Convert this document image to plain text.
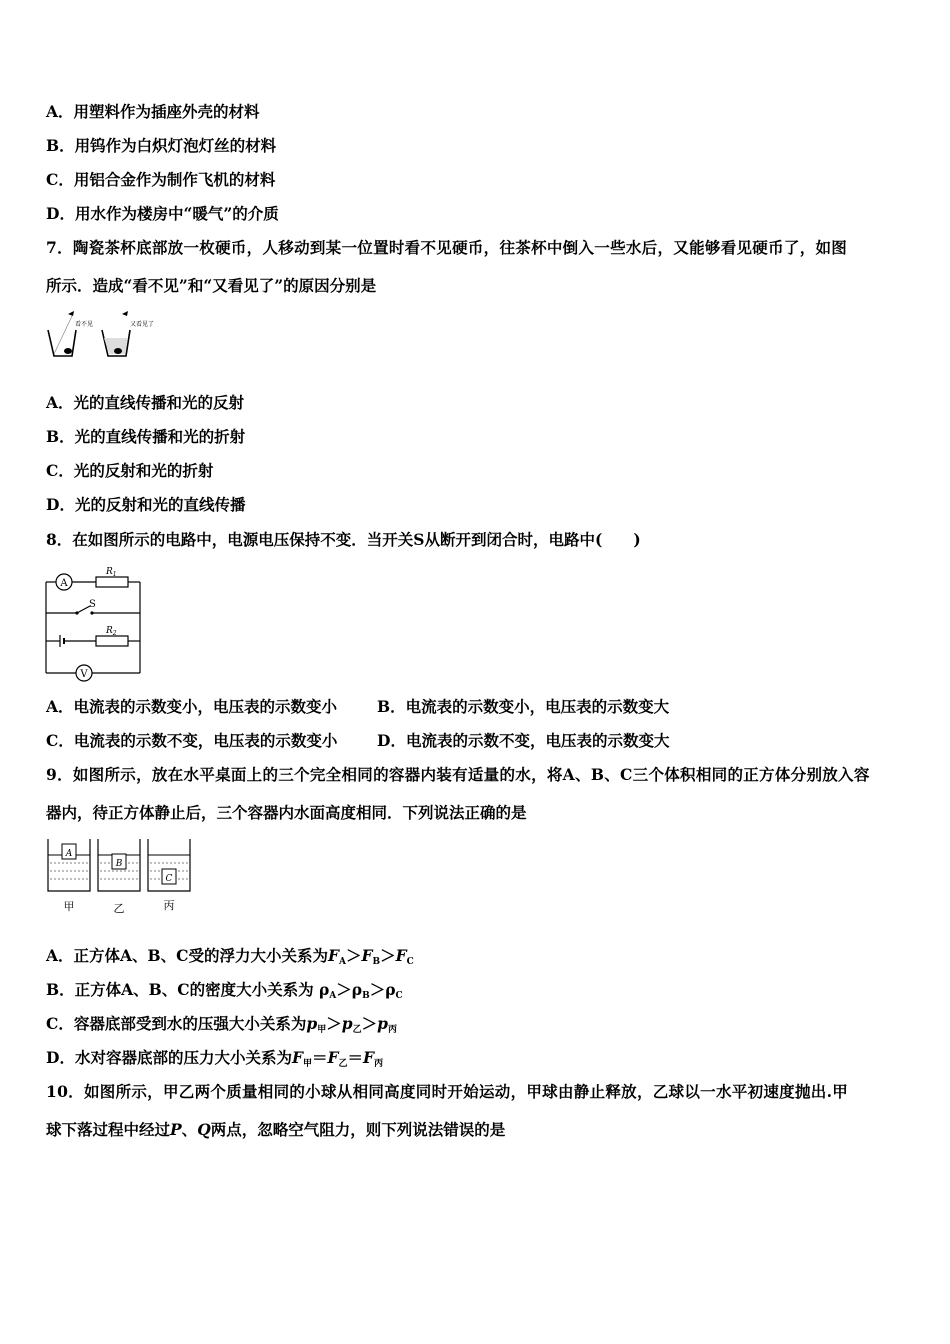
A．用塑料作为插座外壳的材料
B．用钨作为白炽灯泡灯丝的材料
C．用铝合金作为制作飞机的材料
D．用水作为楼房中“暖气”的介质
7．陶瓷茶杯底部放一枚硬币，人移动到某一位置时看不见硬币，往茶杯中倒入一些水后，又能够看见硬币了，如图
所示．造成“看不见”和“又看见了”的原因分别是
看不见	又看见了
A．光的直线传播和光的反射
B．光的直线传播和光的折射
C．光的反射和光的折射
D．光的反射和光的直线传播
8．在如图所示的电路中，电源电压保持不变．当开关S从断开到闭合时，电路中(　　)
A
$R_1$
S
$R_2$
V
A．电流表的示数变小，电压表的示数变小	B．电流表的示数变小，电压表的示数变大
C．电流表的示数不变，电压表的示数变小	D．电流表的示数不变，电压表的示数变大
9．如图所示，放在水平桌面上的三个完全相同的容器内装有适量的水，将A、B、C三个体积相同的正方体分别放入容
器内，待正方体静止后，三个容器内水面高度相同．下列说法正确的是
A
甲
B
乙
C
丙
A．正方体A、B、C受的浮力大小关系为$F_A>F_B>F_C$
B．正方体A、B、C的密度大小关系为 $\rho_A>\rho_B>\rho_C$
C．容器底部受到水的压强大小关系为$p_甲>p_乙>p_丙$
D．水对容器底部的压力大小关系为$F_甲=F_乙=F_丙$
10．如图所示，甲乙两个质量相同的小球从相同高度同时开始运动，甲球由静止释放，乙球以一水平初速度抛出.甲
球下落过程中经过P、Q两点，忽略空气阻力，则下列说法错误的是
